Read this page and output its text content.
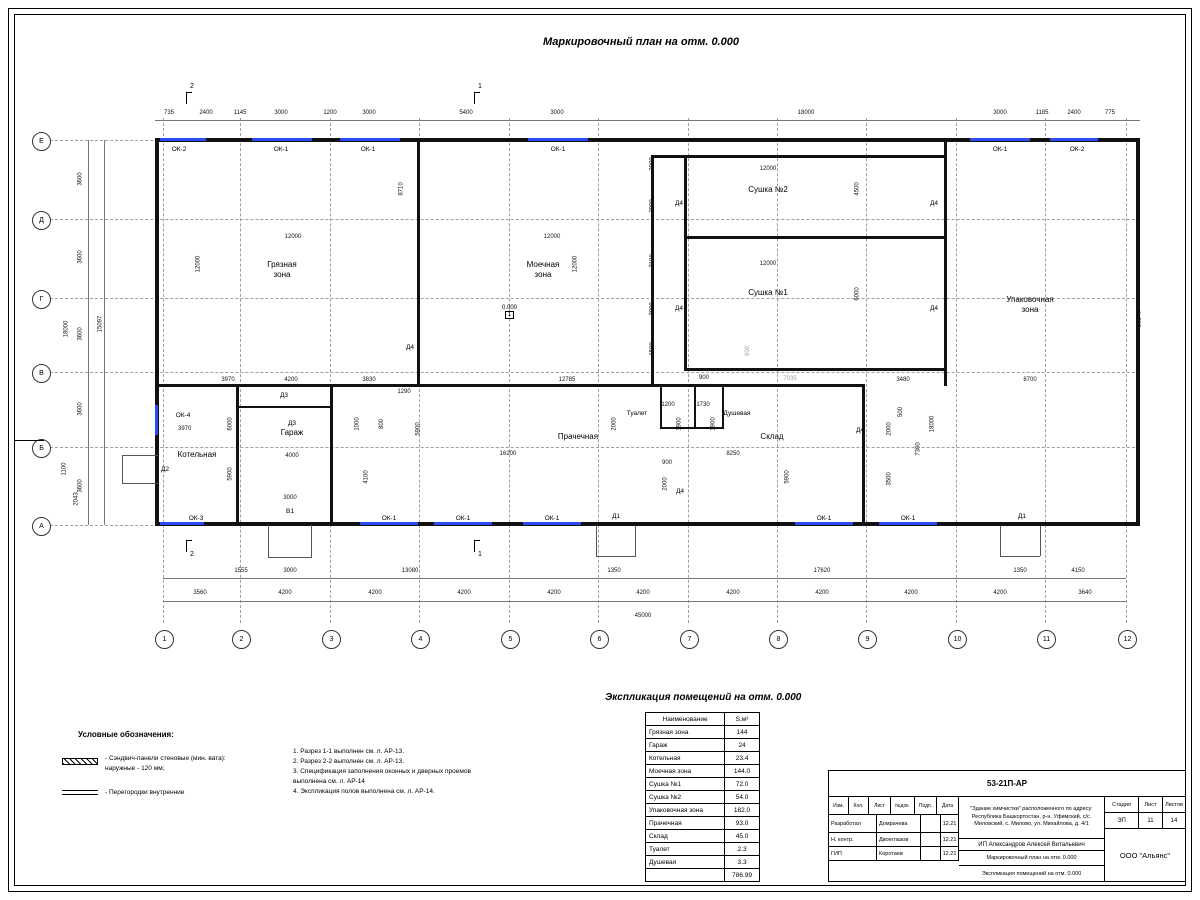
Маркировочный план на отм. 0.000
Грязная
зона
Моечная
зона
Сушка №2
Сушка №1
Упаковочная
зона
Котельная
Гараж	Прачечная
Туалет	Душевая
Склад
ОК-2	ОК-1	ОК-1	ОК-1	ОК-1	ОК-2
ОК-4
ОК-3	ОК-1	ОК-1	ОК-1	ОК-1	ОК-1
Д2
Д3
Д3
Д4
Д4
Д4
Д4
Д4
Д4
Д4
Д1	Д1
В1
0.000
1
2	1
2	1
1	2	3	4	5	6	7	8	9	10	11	12
Е
Д
Г
В
Б
А
735	2400	1145	3000	1200	3000	5400	3000	18000	3000	1185	2400	775
1555	3000	13080	1350	17620	1350	4150
3560	4200	4200	4200	4200	4200	4200	4200	4200	4200	3640
45000
12000	12000
12000
12000
3970	4200	3830
1290
12785	900	3480	8700
4000	16200	8250
3000
900
1200	1730
7035
3600
3600
3600
3600
3600
18000	15097
1100
2043
8710
12000	12000
2000
2000
3100
2000
1600
4500
6000
18240
18000
7300
3500
500
2000
6000
5900
3970	1000	800	5900
4100
2000	1900	1900
5900
2000
900
Экспликация помещений на отм. 0.000
Наименование	S,м²
Грязная зона	144
Гараж	24
Котельная	23.4
Моечная зона	144.0
Сушка №1	72.0
Сушка №2	54.0
Упаковочная зона	182.0
Прачечная	93.0
Склад	45.0
Туалет	2.3
Душевая	3.3
	786.99
Условные обозначения:
- Сэндвич-панели стеновые (мин. вата): наружные - 120 мм;
- Перегородки внутренние
1. Разрез 1-1 выполнен см. л. АР-13.
2. Разрез 2-2 выполнен см. л. АР-13.
3. Спецификация заполнения оконных и дверных проемов выполнена см. л. АР-14
4. Экспликация полов выполнена см. л. АР-14.
53-21П-АР
Изм.	Кол.	Лист	№док.	Подп.	Дата
Разработал	Домрачева	12.21
Н. контр.	Двоеглазов	12.21
ГИП	Коротаев	12.21
"Здание химчистки" расположенного по адресу: Республика Башкортостан, р-н. Уфимский, с/с. Миловский, с. Милово, ул. Михайлова, д. 4/1
ИП Александров Алексей Витальевич
Маркировочный план на отм. 0.000
Экспликация помещений на отм. 0.000
Стадия	Лист	Листов
ЭП	11	14
ООО "Альянс"
